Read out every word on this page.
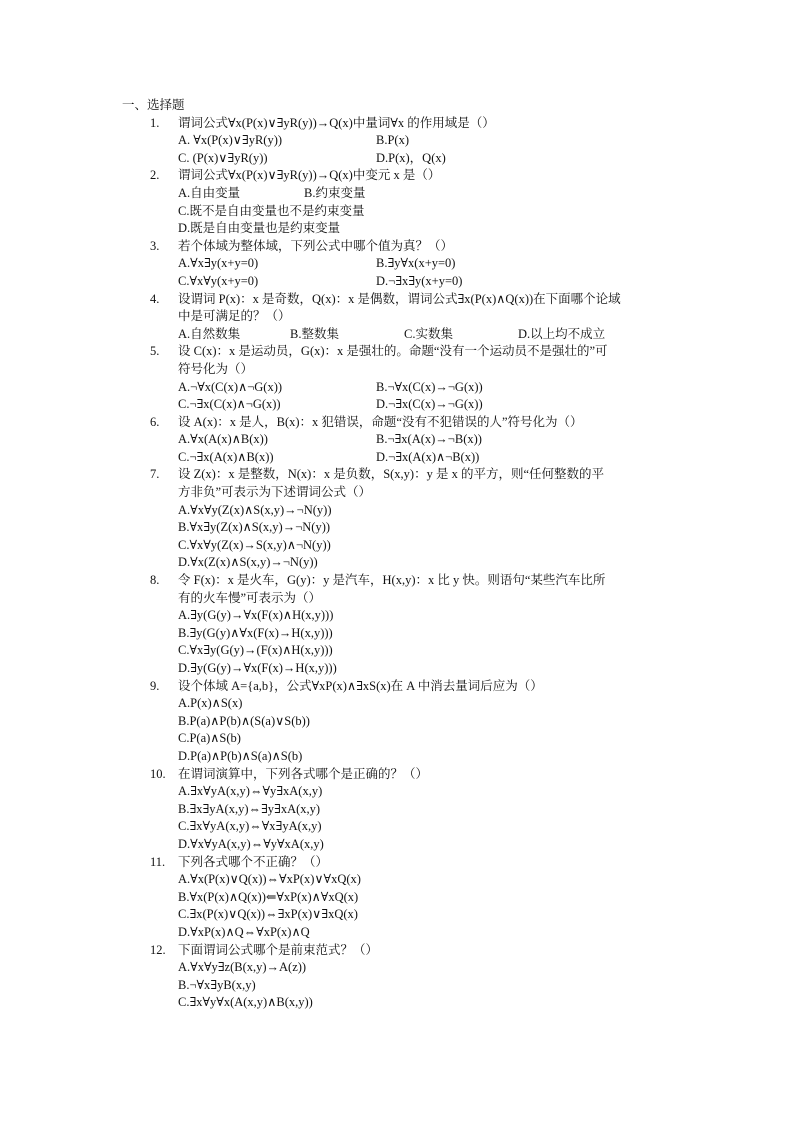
一、选择题
1.	谓词公式∀x(P(x)∨∃yR(y))→Q(x)中量词∀x 的作用域是（）
A. ∀x(P(x)∨∃yR(y))	B.P(x)
C. (P(x)∨∃yR(y))	D.P(x)，Q(x)
2.	谓词公式∀x(P(x)∨∃yR(y))→Q(x)中变元 x 是（）
A.自由变量	B.约束变量
C.既不是自由变量也不是约束变量
D.既是自由变量也是约束变量
3.	若个体域为整体域，下列公式中哪个值为真？（）
A.∀x∃y(x+y=0)	B.∃y∀x(x+y=0)
C.∀x∀y(x+y=0)	D.¬∃x∃y(x+y=0)
4.	设谓词 P(x)：x 是奇数，Q(x)：x 是偶数，谓词公式∃x(P(x)∧Q(x))在下面哪个论域
中是可满足的？（）
A.自然数集	B.整数集	C.实数集	D.以上均不成立
5.	设 C(x)：x 是运动员，G(x)：x 是强壮的。命题“没有一个运动员不是强壮的”可
符号化为（）
A.¬∀x(C(x)∧¬G(x))	B.¬∀x(C(x)→¬G(x))
C.¬∃x(C(x)∧¬G(x))	D.¬∃x(C(x)→¬G(x))
6.	设 A(x)：x 是人，B(x)：x 犯错误，命题“没有不犯错误的人”符号化为（）
A.∀x(A(x)∧B(x))	B.¬∃x(A(x)→¬B(x))
C.¬∃x(A(x)∧B(x))	D.¬∃x(A(x)∧¬B(x))
7.	设 Z(x)：x 是整数，N(x)：x 是负数，S(x,y)：y 是 x 的平方，则“任何整数的平
方非负”可表示为下述谓词公式（）
A.∀x∀y(Z(x)∧S(x,y)→¬N(y))
B.∀x∃y(Z(x)∧S(x,y)→¬N(y))
C.∀x∀y(Z(x)→S(x,y)∧¬N(y))
D.∀x(Z(x)∧S(x,y)→¬N(y))
8.	令 F(x)：x 是火车，G(y)：y 是汽车，H(x,y)：x 比 y 快。则语句“某些汽车比所
有的火车慢”可表示为（）
A.∃y(G(y)→∀x(F(x)∧H(x,y)))
B.∃y(G(y)∧∀x(F(x)→H(x,y)))
C.∀x∃y(G(y)→(F(x)∧H(x,y)))
D.∃y(G(y)→∀x(F(x)→H(x,y)))
9.	设个体域 A={a,b}，公式∀xP(x)∧∃xS(x)在 A 中消去量词后应为（）
A.P(x)∧S(x)
B.P(a)∧P(b)∧(S(a)∨S(b))
C.P(a)∧S(b)
D.P(a)∧P(b)∧S(a)∧S(b)
10. 在谓词演算中，下列各式哪个是正确的？（）
A.∃x∀yA(x,y)⇔∀y∃xA(x,y)
B.∃x∃yA(x,y)⇔∃y∃xA(x,y)
C.∃x∀yA(x,y)⇔∀x∃yA(x,y)
D.∀x∀yA(x,y)⇔∀y∀xA(x,y)
11.	下列各式哪个不正确？（）
A.∀x(P(x)∨Q(x))⇔∀xP(x)∨∀xQ(x)
B.∀x(P(x)∧Q(x))⇐∀xP(x)∧∀xQ(x)
C.∃x(P(x)∨Q(x))⇔∃xP(x)∨∃xQ(x)
D.∀xP(x)∧Q⇔∀xP(x)∧Q
12. 下面谓词公式哪个是前束范式？（）
A.∀x∀y∃z(B(x,y)→A(z))
B.¬∀x∃yB(x,y)
C.∃x∀y∀x(A(x,y)∧B(x,y))
